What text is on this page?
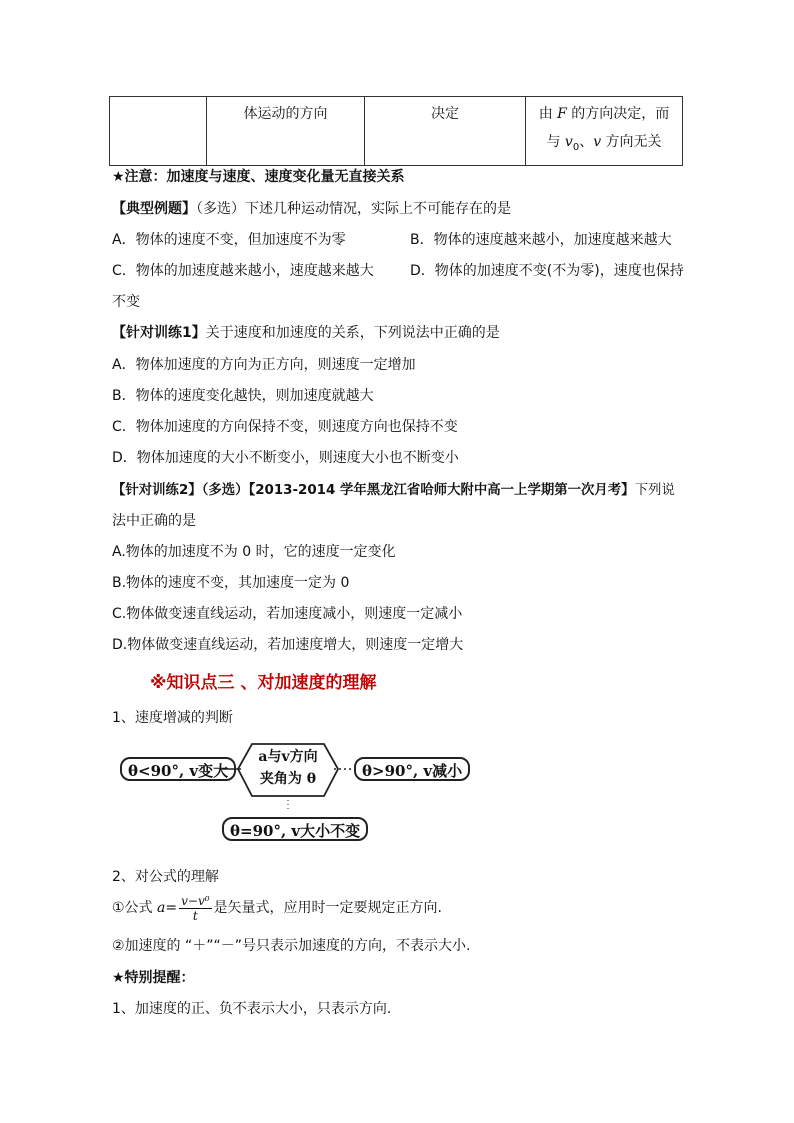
	体运动的方向	决定	由 F 的方向决定，而
与 $v_0$、v 方向无关
★注意：加速度与速度、速度变化量无直接关系
【典型例题】（多选）下述几种运动情况，实际上不可能存在的是
A．物体的速度不变，但加速度不为零	B．物体的速度越来越小，加速度越来越大
C．物体的加速度越来越小，速度越来越大	D．物体的加速度不变(不为零)，速度也保持
不变
【针对训练1】关于速度和加速度的关系，下列说法中正确的是
A．物体加速度的方向为正方向，则速度一定增加
B．物体的速度变化越快，则加速度就越大
C．物体加速度的方向保持不变，则速度方向也保持不变
D．物体加速度的大小不断变小，则速度大小也不断变小
【针对训练2】（多选）【2013-2014 学年黑龙江省哈师大附中高一上学期第一次月考】下列说
法中正确的是
A.物体的加速度不为 0 时，它的速度一定变化
B.物体的速度不变，其加速度一定为 0
C.物体做变速直线运动，若加速度减小，则速度一定减小
D.物体做变速直线运动，若加速度增大，则速度一定增大
※知识点三 、对加速度的理解
1、速度增减的判断
θ<90°, v变大
a与v方向
夹角为 θ	θ>90°, v减小
θ=90°, v大小不变
2、对公式的理解
①公式 $a= \frac{\text{v−v⁰}}{t}$ 是矢量式，应用时一定要规定正方向.
②加速度的 “＋”“－”号只表示加速度的方向，不表示大小.
★特别提醒：
1、加速度的正、负不表示大小，只表示方向.
